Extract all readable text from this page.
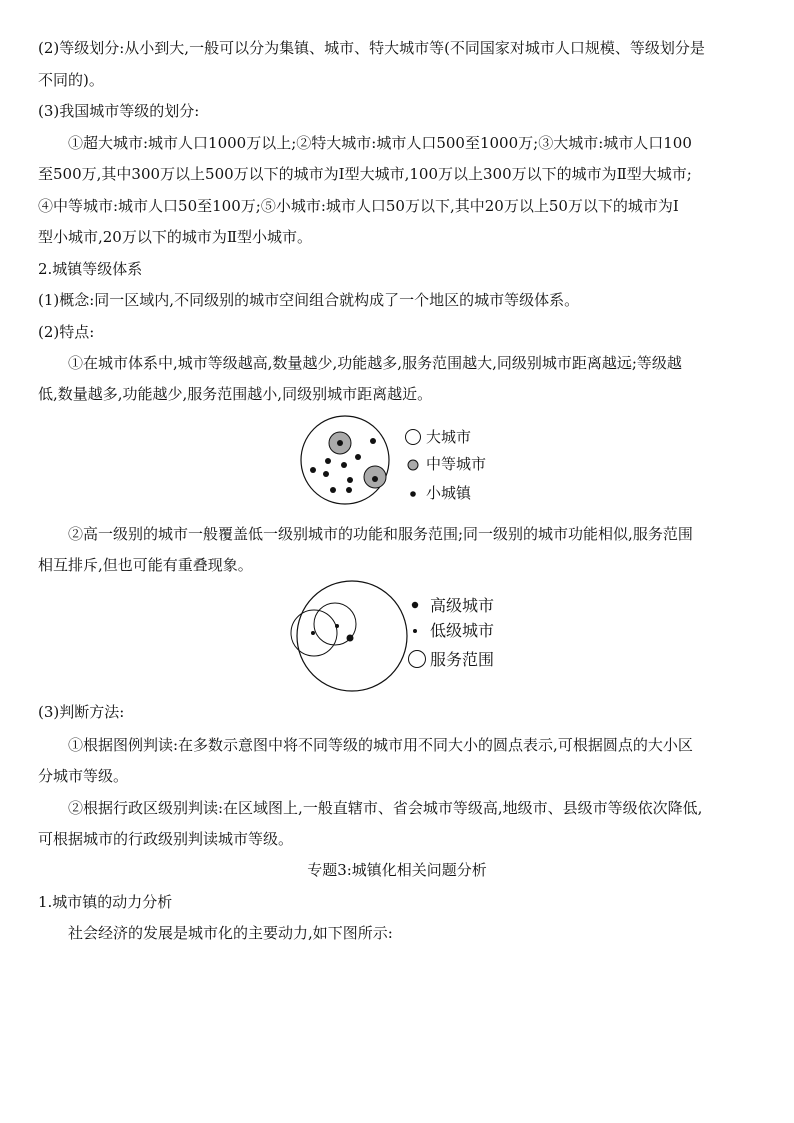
(2)等级划分:从小到大,一般可以分为集镇、城市、特大城市等(不同国家对城市人口规模、等级划分是
不同的)。
(3)我国城市等级的划分:
①超大城市:城市人口1000万以上;②特大城市:城市人口500至1000万;③大城市:城市人口100
至500万,其中300万以上500万以下的城市为Ⅰ型大城市,100万以上300万以下的城市为Ⅱ型大城市;
④中等城市:城市人口50至100万;⑤小城市:城市人口50万以下,其中20万以上50万以下的城市为Ⅰ
型小城市,20万以下的城市为Ⅱ型小城市。
2.城镇等级体系
(1)概念:同一区域内,不同级别的城市空间组合就构成了一个地区的城市等级体系。
(2)特点:
①在城市体系中,城市等级越高,数量越少,功能越多,服务范围越大,同级别城市距离越远;等级越
低,数量越多,功能越少,服务范围越小,同级别城市距离越近。
大城市
中等城市
小城镇
②高一级别的城市一般覆盖低一级别城市的功能和服务范围;同一级别的城市功能相似,服务范围
相互排斥,但也可能有重叠现象。
高级城市
低级城市
服务范围
(3)判断方法:
①根据图例判读:在多数示意图中将不同等级的城市用不同大小的圆点表示,可根据圆点的大小区
分城市等级。
②根据行政区级别判读:在区域图上,一般直辖市、省会城市等级高,地级市、县级市等级依次降低,
可根据城市的行政级别判读城市等级。
专题3:城镇化相关问题分析
1.城市镇的动力分析
社会经济的发展是城市化的主要动力,如下图所示:
